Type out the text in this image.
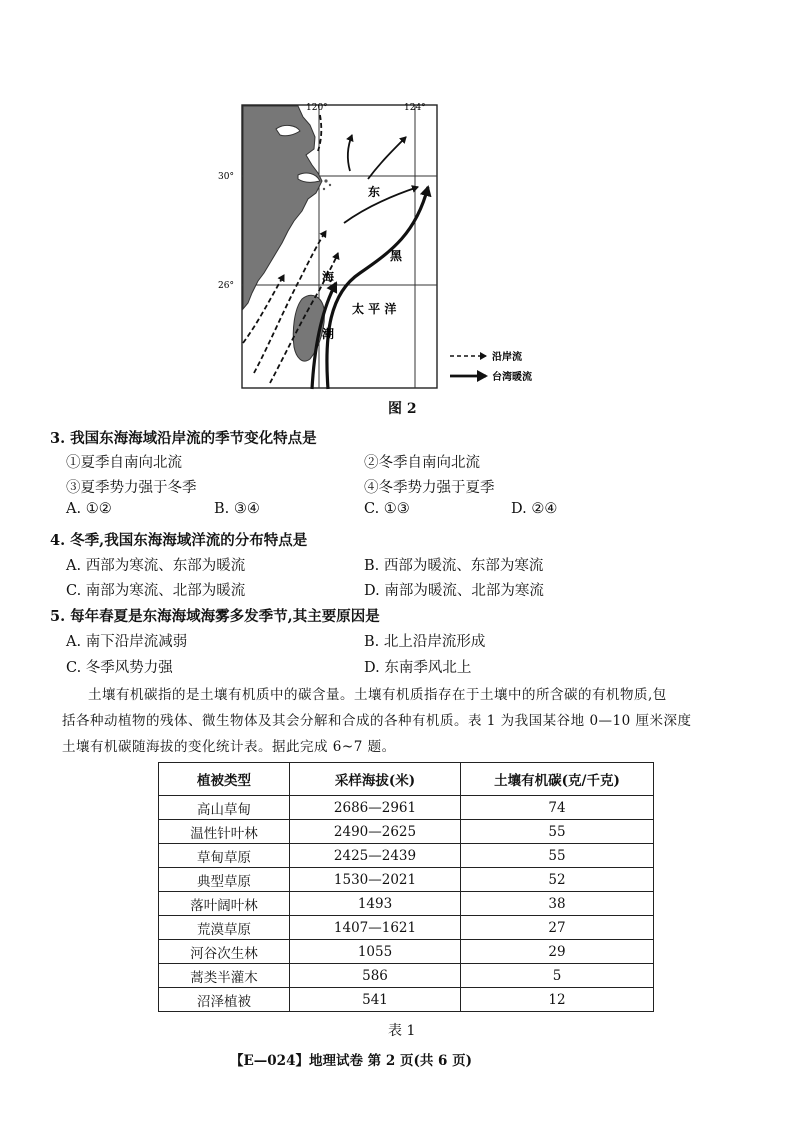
120°	124°
30°
26°
东
海
黑
潮
太 平 洋
沿岸流
台湾暖流
图 2
3. 我国东海海域沿岸流的季节变化特点是
①夏季自南向北流	②冬季自南向北流
③夏季势力强于冬季	④冬季势力强于夏季
A. ①②	B. ③④	C. ①③	D. ②④
4. 冬季,我国东海海域洋流的分布特点是
A. 西部为寒流、东部为暖流	B. 西部为暖流、东部为寒流
C. 南部为寒流、北部为暖流	D. 南部为暖流、北部为寒流
5. 每年春夏是东海海域海雾多发季节,其主要原因是
A. 南下沿岸流减弱	B. 北上沿岸流形成
C. 冬季风势力强	D. 东南季风北上
土壤有机碳指的是土壤有机质中的碳含量。土壤有机质指存在于土壤中的所含碳的有机物质,包
括各种动植物的残体、微生物体及其会分解和合成的各种有机质。表 1 为我国某谷地 0—10 厘米深度
土壤有机碳随海拔的变化统计表。据此完成 6~7 题。
植被类型	采样海拔(米)	土壤有机碳(克/千克)
高山草甸	2686—2961	74
温性针叶林	2490—2625	55
草甸草原	2425—2439	55
典型草原	1530—2021	52
落叶阔叶林	1493	38
荒漠草原	1407—1621	27
河谷次生林	1055	29
蒿类半灌木	586	5
沼泽植被	541	12
表 1
【E—024】地理试卷 第 2 页(共 6 页)
